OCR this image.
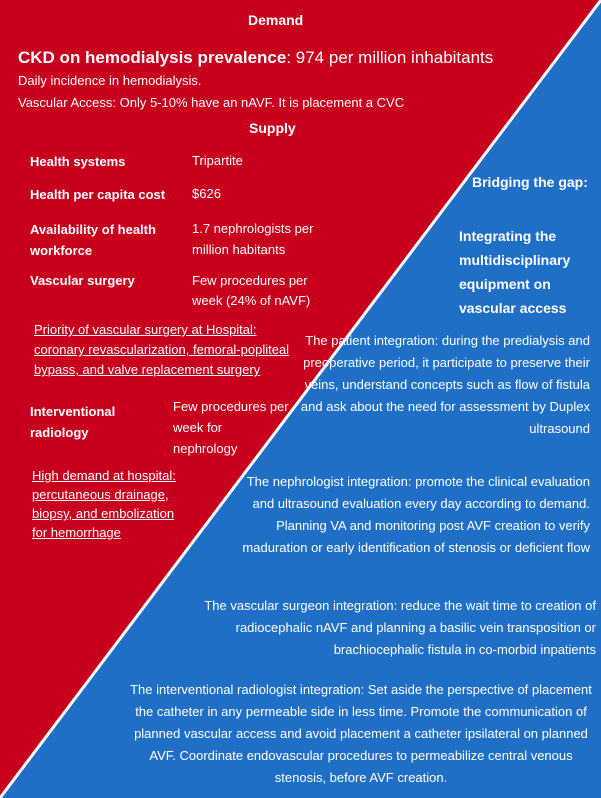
Demand
CKD on hemodialysis prevalence: 974 per million inhabitants
Daily incidence in hemodialysis.
Vascular Access: Only 5-10% have an nAVF. It is placement a CVC
Supply
Health systems	Tripartite
Health per capita cost $626
Availability of health workforce
1.7 nephrologists per million habitants
Vascular surgery	Few procedures per week (24% of nAVF)
Priority of vascular surgery at Hospital: coronary revascularization, femoral-popliteal bypass, and valve replacement surgery
Interventional radiology
Few procedures per week for nephrology
High demand at hospital: percutaneous drainage, biopsy, and embolization for hemorrhage
Bridging the gap:
Integrating the multidisciplinary equipment on vascular access
The patient integration: during the predialysis and preoperative period, it participate to preserve their veins, understand concepts such as flow of fistula and ask about the need for assessment by Duplex ultrasound
The nephrologist integration: promote the clinical evaluation and ultrasound evaluation every day according to demand. Planning VA and monitoring post AVF creation to verify maduration or early identification of stenosis or deficient flow
The vascular surgeon integration: reduce the wait time to creation of radiocephalic nAVF and planning a basilic vein transposition or brachiocephalic fistula in co-morbid inpatients
The interventional radiologist integration: Set aside the perspective of placement the catheter in any permeable side in less time. Promote the communication of planned vascular access and avoid placement a catheter ipsilateral on planned AVF. Coordinate endovascular procedures to permeabilize central venous stenosis, before AVF creation.
